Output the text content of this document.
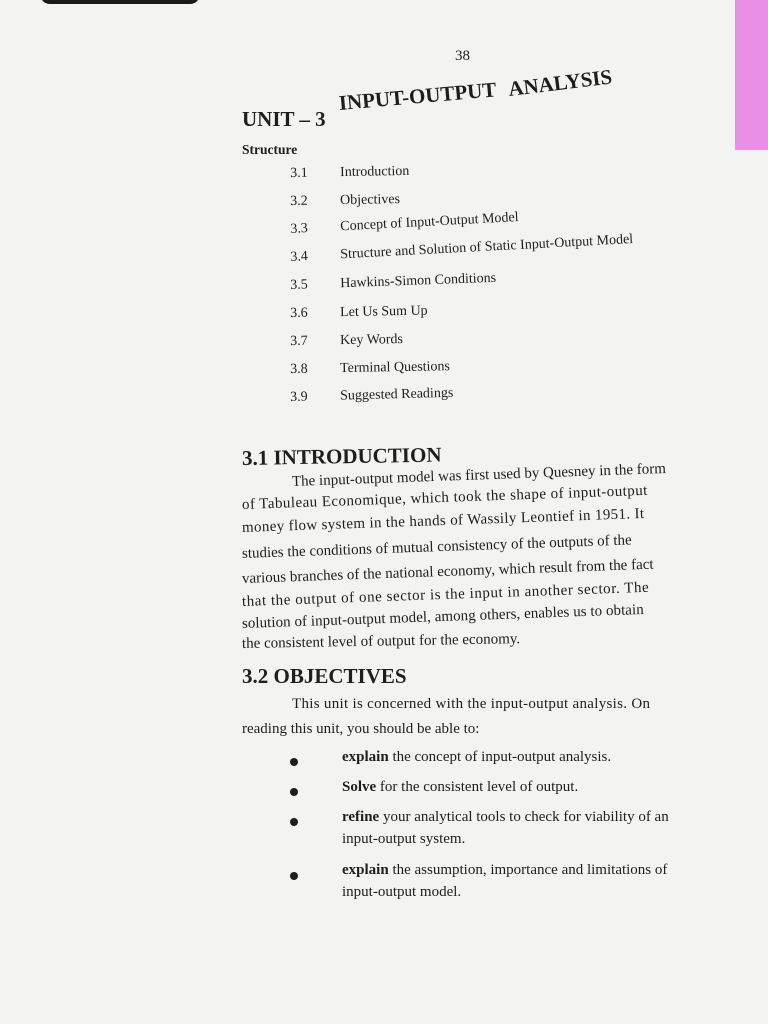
38
UNIT – 3
INPUT-OUTPUT ANALYSIS
Structure
3.1 Introduction
3.2 Objectives
3.3 Concept of Input-Output Model
3.4 Structure and Solution of Static Input-Output Model
3.5 Hawkins-Simon Conditions
3.6 Let Us Sum Up
3.7 Key Words
3.8 Terminal Questions
3.9 Suggested Readings
3.1 INTRODUCTION
The input-output model was first used by Quesney in the form
of Tabuleau Economique, which took the shape of input-output
money flow system in the hands of Wassily Leontief in 1951. It
studies the conditions of mutual consistency of the outputs of the
various branches of the national economy, which result from the fact
that the output of one sector is the input in another sector. The
solution of input-output model, among others, enables us to obtain
the consistent level of output for the economy.
3.2 OBJECTIVES
This unit is concerned with the input-output analysis. On
reading this unit, you should be able to:
explain the concept of input-output analysis.
Solve for the consistent level of output.
refine your analytical tools to check for viability of an
input-output system.
explain the assumption, importance and limitations of
input-output model.
